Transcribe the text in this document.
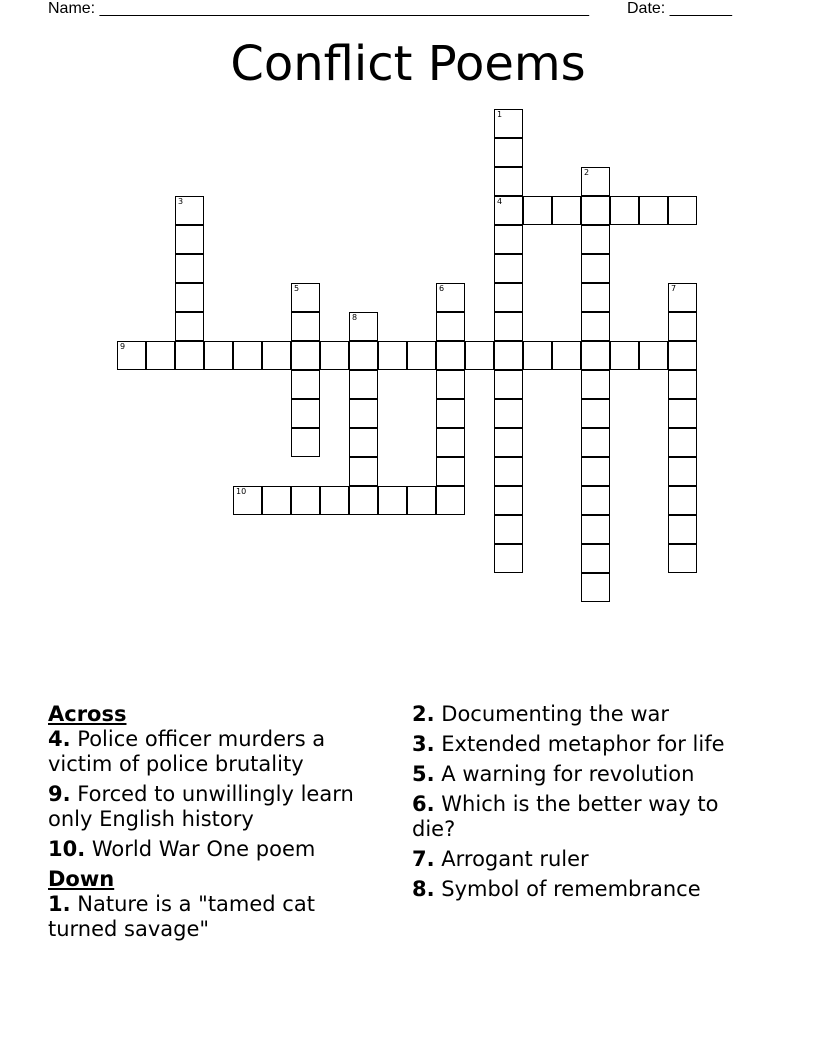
Name: _______________________________________________________ Date: _______
Conflict Poems
1
4
2
3
5	6	7
8
9
10

Across

4. Police officer murders a victim of police brutality

9. Forced to unwillingly learn only English history

10. World War One poem

Down

1. Nature is a "tamed cat turned savage"

2. Documenting the war

3. Extended metaphor for life

5. A warning for revolution

6. Which is the better way to die?

7. Arrogant ruler

8. Symbol of remembrance
